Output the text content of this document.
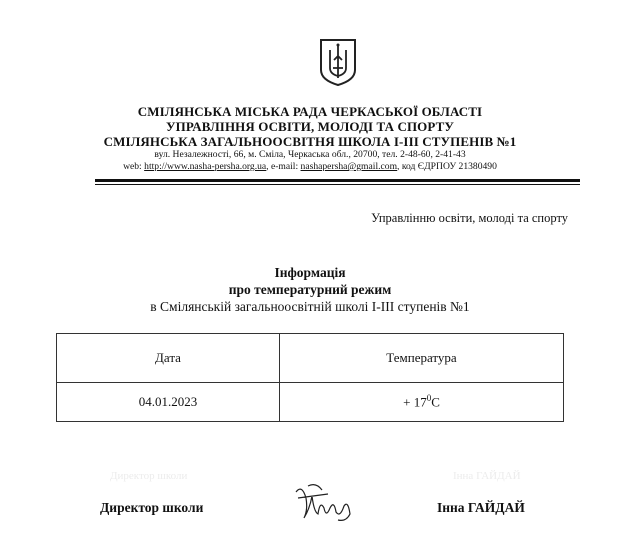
СМІЛЯНСЬКА МІСЬКА РАДА ЧЕРКАСЬКОЇ ОБЛАСТІ
УПРАВЛІННЯ ОСВІТИ, МОЛОДІ ТА СПОРТУ
СМІЛЯНСЬКА ЗАГАЛЬНООСВІТНЯ ШКОЛА І-ІІІ СТУПЕНІВ №1
вул. Незалежності, 66, м. Сміла, Черкаська обл., 20700, тел. 2-48-60, 2-41-43
web: http://www.nasha-persha.org.ua, e-mail: nashapersha@gmail.com, код ЄДРПОУ 21380490
Управлінню освіти, молоді та спорту
Інформація
про температурний режим
в Смілянській загальноосвітній школі І-ІІІ ступенів №1
Дата	Температура
04.01.2023	+ $17^0С$
Директор школи	Інна ГАЙДАЙ
Директор школи	Інна ГАЙДАЙ
